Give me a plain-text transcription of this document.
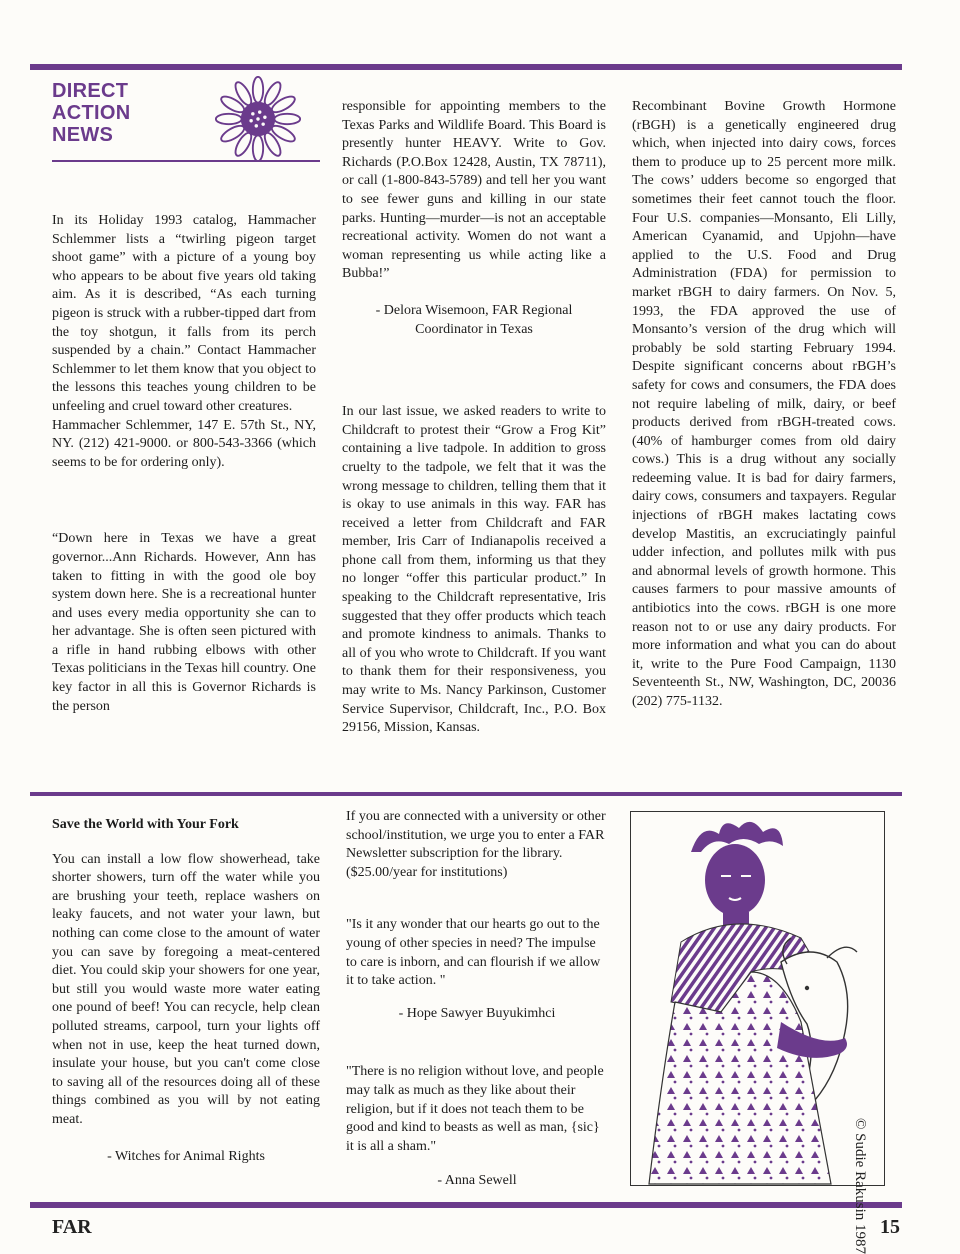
DIRECT
ACTION
NEWS

In its Holiday 1993 catalog, Hammacher Schlemmer lists a “twirling pigeon target shoot game” with a picture of a young boy who appears to be about five years old taking aim. As it is described, “As each turning pigeon is struck with a rubber-tipped dart from the toy shotgun, it falls from its perch suspended by a chain.” Contact Hammacher Schlemmer to let them know that you object to the lessons this teaches young children to be unfeeling and cruel toward other creatures.

Hammacher Schlemmer, 147 E. 57th St., NY, NY. (212) 421-9000. or 800-543-3366 (which seems to be for ordering only).

“Down here in Texas we have a great governor...Ann Richards. However, Ann has taken to fitting in with the good ole boy system down here. She is a recreational hunter and uses every media opportunity she can to her advantage. She is often seen pictured with a rifle in hand rubbing elbows with other Texas politicians in the Texas hill country. One key factor in all this is Governor Richards is the person

responsible for appointing members to the Texas Parks and Wildlife Board. This Board is presently hunter HEAVY. Write to Gov. Richards (P.O.Box 12428, Austin, TX 78711), or call (1-800-843-5789) and tell her you want to see fewer guns and killing in our state parks. Hunting—murder—is not an acceptable recreational activity. Women do not want a woman representing us while acting like a Bubba!”

- Delora Wisemoon, FAR Regional Coordinator in Texas

In our last issue, we asked readers to write to Childcraft to protest their “Grow a Frog Kit” containing a live tadpole. In addition to gross cruelty to the tadpole, we felt that it was the wrong message to children, telling them that it is okay to use animals in this way. FAR has received a letter from Childcraft and FAR member, Iris Carr of Indianapolis received a phone call from them, informing us that they no longer “offer this particular product.” In speaking to the Childcraft representative, Iris suggested that they offer products which teach and promote kindness to animals. Thanks to all of you who wrote to Childcraft. If you want to thank them for their responsiveness, you may write to Ms. Nancy Parkinson, Customer Service Supervisor, Childcraft, Inc., P.O. Box 29156, Mission, Kansas.

Recombinant Bovine Growth Hormone (rBGH) is a genetically engineered drug which, when injected into dairy cows, forces them to produce up to 25 percent more milk. The cows’ udders become so engorged that sometimes their feet cannot touch the floor. Four U.S. companies—Monsanto, Eli Lilly, American Cyanamid, and Upjohn—have applied to the U.S. Food and Drug Administration (FDA) for permission to market rBGH to dairy farmers. On Nov. 5, 1993, the FDA approved the use of Monsanto’s version of the drug which will probably be sold starting February 1994. Despite significant concerns about rBGH’s safety for cows and consumers, the FDA does not require labeling of milk, dairy, or beef products derived from rBGH-treated cows. (40% of hamburger comes from old dairy cows.) This is a drug without any socially redeeming value. It is bad for dairy farmers, dairy cows, consumers and taxpayers. Regular injections of rBGH makes lactating cows develop Mastitis, an excruciatingly painful udder infection, and pollutes milk with pus and abnormal levels of growth hormone. This causes farmers to pour massive amounts of antibiotics into the cows. rBGH is one more reason not to or use any dairy products. For more information and what you can do about it, write to the Pure Food Campaign, 1130 Seventeenth St., NW, Washington, DC, 20036 (202) 775-1132.

Save the World with Your Fork

You can install a low flow showerhead, take shorter showers, turn off the water while you are brushing your teeth, replace washers on leaky faucets, and not water your lawn, but nothing can come close to the amount of water you can save by foregoing a meat-centered diet. You could skip your showers for one year, but still you would waste more water eating one pound of beef! You can recycle, help clean polluted streams, carpool, turn your lights off when not in use, keep the heat turned down, insulate your house, but you can't come close to saving all of the resources doing all of these things combined as you will by not eating meat.

- Witches for Animal Rights

If you are connected with a university or other school/institution, we urge you to enter a FAR Newsletter subscription for the library. ($25.00/year for institutions)

"Is it any wonder that our hearts go out to the young of other species in need? The impulse to care is inborn, and can flourish if we allow it to take action. "

- Hope Sawyer Buyukimhci

"There is no religion without love, and people may talk as much as they like about their religion, but if it does not teach them to be good and kind to beasts as well as man, {sic} it is all a sham."

- Anna Sewell	© Sudie Rakusin 1987
FAR	15
